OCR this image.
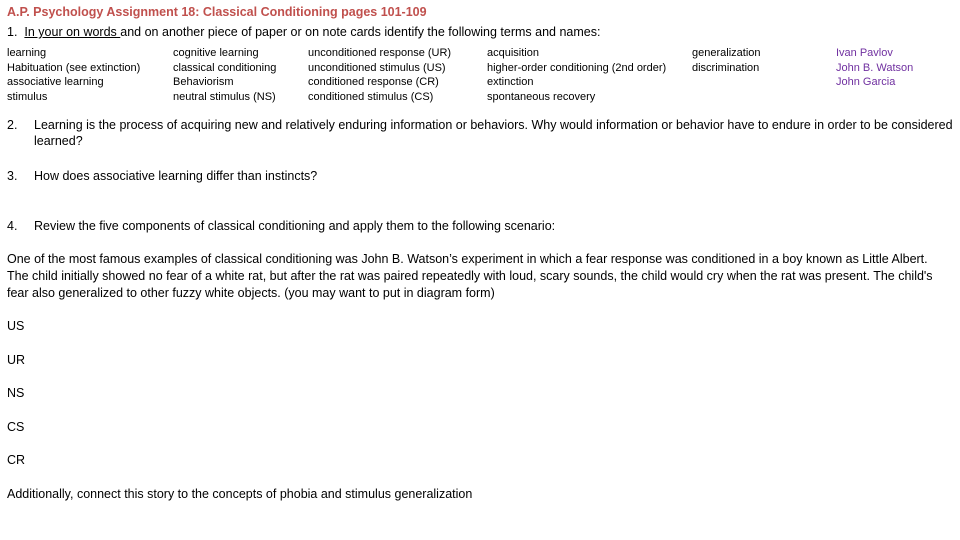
A.P. Psychology Assignment 18: Classical Conditioning pages 101-109
1. In your on words and on another piece of paper or on note cards identify the following terms and names:
learning
Habituation (see extinction)
associative learning
stimulus
cognitive learning
classical conditioning
Behaviorism
neutral stimulus (NS)
unconditioned response (UR)
unconditioned stimulus (US)
conditioned response (CR)
conditioned stimulus (CS)
acquisition
higher-order conditioning (2nd order)
extinction
spontaneous recovery
generalization
discrimination
Ivan Pavlov
John B. Watson
John Garcia
2. Learning is the process of acquiring new and relatively enduring information or behaviors. Why would information or behavior have to endure in order to be considered learned?
3. How does associative learning differ than instincts?
4. Review the five components of classical conditioning and apply them to the following scenario:
One of the most famous examples of classical conditioning was John B. Watson’s experiment in which a fear response was conditioned in a boy known as Little Albert. The child initially showed no fear of a white rat, but after the rat was paired repeatedly with loud, scary sounds, the child would cry when the rat was present. The child's fear also generalized to other fuzzy white objects. (you may want to put in diagram form)
US
UR
NS
CS
CR
Additionally, connect this story to the concepts of phobia and stimulus generalization
